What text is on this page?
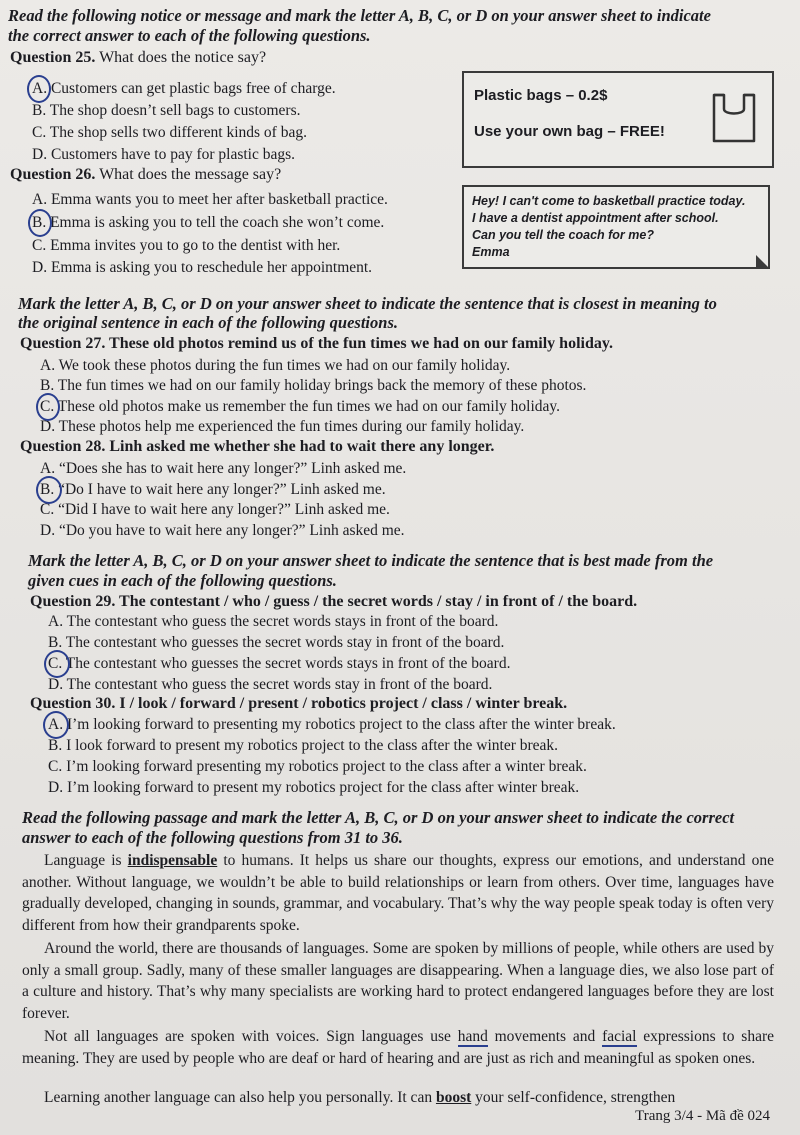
Read the following notice or message and mark the letter A, B, C, or D on your answer sheet to indicate
the correct answer to each of the following questions.
Question 25. What does the notice say?
A. Customers can get plastic bags free of charge.
B. The shop doesn’t sell bags to customers.
C. The shop sells two different kinds of bag.
D. Customers have to pay for plastic bags.
Plastic bags – 0.2$
Use your own bag – FREE!
Question 26. What does the message say?
A. Emma wants you to meet her after basketball practice.
B. Emma is asking you to tell the coach she won’t come.
C. Emma invites you to go to the dentist with her.
D. Emma is asking you to reschedule her appointment.
Hey! I can't come to basketball practice today.
I have a dentist appointment after school.
Can you tell the coach for me?
Emma
Mark the letter A, B, C, or D on your answer sheet to indicate the sentence that is closest in meaning to
the original sentence in each of the following questions.
Question 27. These old photos remind us of the fun times we had on our family holiday.
A. We took these photos during the fun times we had on our family holiday.
B. The fun times we had on our family holiday brings back the memory of these photos.
C. These old photos make us remember the fun times we had on our family holiday.
D. These photos help me experienced the fun times during our family holiday.
Question 28. Linh asked me whether she had to wait there any longer.
A. “Does she has to wait here any longer?” Linh asked me.
B. “Do I have to wait here any longer?” Linh asked me.
C. “Did I have to wait here any longer?” Linh asked me.
D. “Do you have to wait here any longer?” Linh asked me.
Mark the letter A, B, C, or D on your answer sheet to indicate the sentence that is best made from the
given cues in each of the following questions.
Question 29. The contestant / who / guess / the secret words / stay / in front of / the board.
A. The contestant who guess the secret words stays in front of the board.
B. The contestant who guesses the secret words stay in front of the board.
C. The contestant who guesses the secret words stays in front of the board.
D. The contestant who guess the secret words stay in front of the board.
Question 30. I / look / forward / present / robotics project / class / winter break.
A. I’m looking forward to presenting my robotics project to the class after the winter break.
B. I look forward to present my robotics project to the class after the winter break.
C. I’m looking forward presenting my robotics project to the class after a winter break.
D. I’m looking forward to present my robotics project for the class after winter break.
Read the following passage and mark the letter A, B, C, or D on your answer sheet to indicate the correct
answer to each of the following questions from 31 to 36.
Language is indispensable to humans. It helps us share our thoughts, express our emotions, and understand one another. Without language, we wouldn’t be able to build relationships or learn from others. Over time, languages have gradually developed, changing in sounds, grammar, and vocabulary. That’s why the way people speak today is often very different from how their grandparents spoke.
Around the world, there are thousands of languages. Some are spoken by millions of people, while others are used by only a small group. Sadly, many of these smaller languages are disappearing. When a language dies, we also lose part of a culture and history. That’s why many specialists are working hard to protect endangered languages before they are lost forever.
Not all languages are spoken with voices. Sign languages use hand movements and facial expressions to share meaning. They are used by people who are deaf or hard of hearing and are just as rich and meaningful as spoken ones.
Learning another language can also help you personally. It can boost your self-confidence, strengthen
Trang 3/4 - Mã đề 024
